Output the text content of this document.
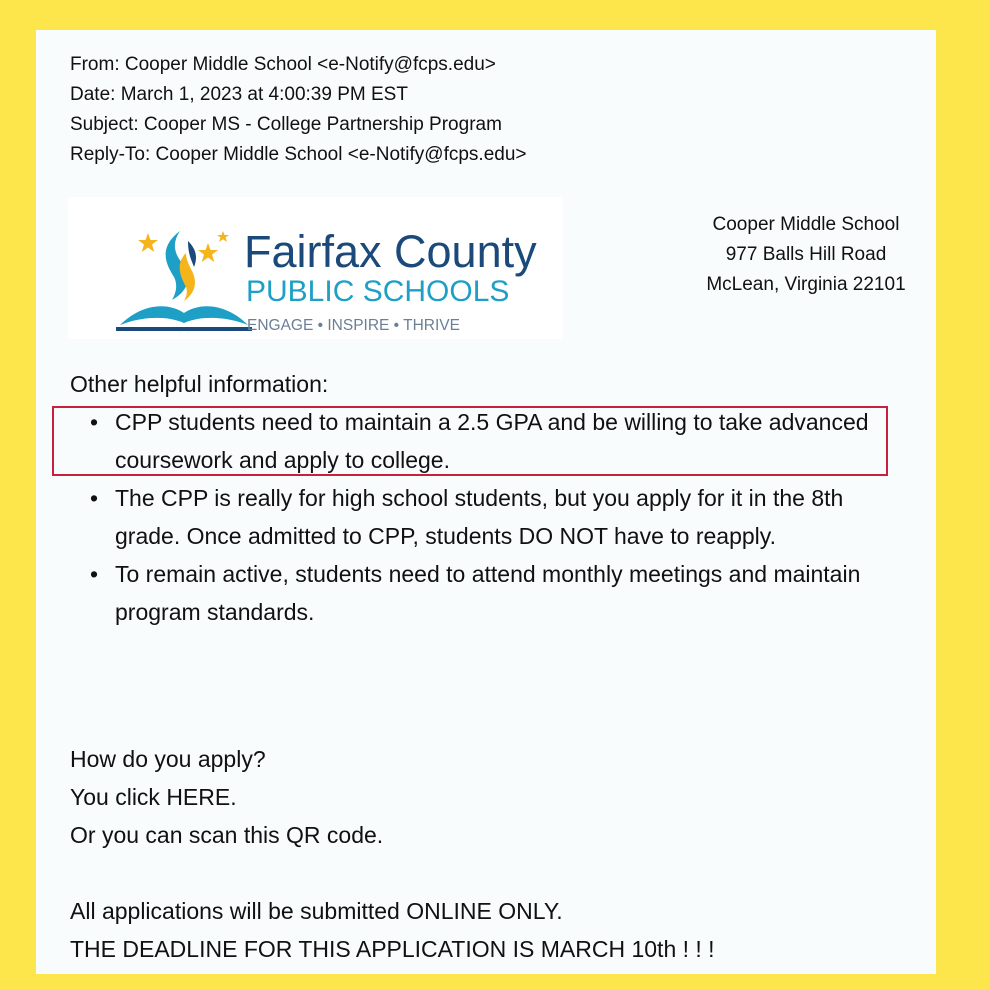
From: Cooper Middle School <e-Notify@fcps.edu>
Date: March 1, 2023 at 4:00:39 PM EST
Subject: Cooper MS - College Partnership Program
Reply-To: Cooper Middle School <e-Notify@fcps.edu>
Fairfax County
PUBLIC SCHOOLS
ENGAGE • INSPIRE • THRIVE
Cooper Middle School
977 Balls Hill Road
McLean, Virginia 22101
Other helpful information:
• CPP students need to maintain a 2.5 GPA and be willing to take advanced coursework and apply to college.
• The CPP is really for high school students, but you apply for it in the 8th grade. Once admitted to CPP, students DO NOT have to reapply.
• To remain active, students need to attend monthly meetings and maintain program standards.
How do you apply?
You click HERE.
Or you can scan this QR code.
All applications will be submitted ONLINE ONLY.
THE DEADLINE FOR THIS APPLICATION IS MARCH 10th ! ! !
